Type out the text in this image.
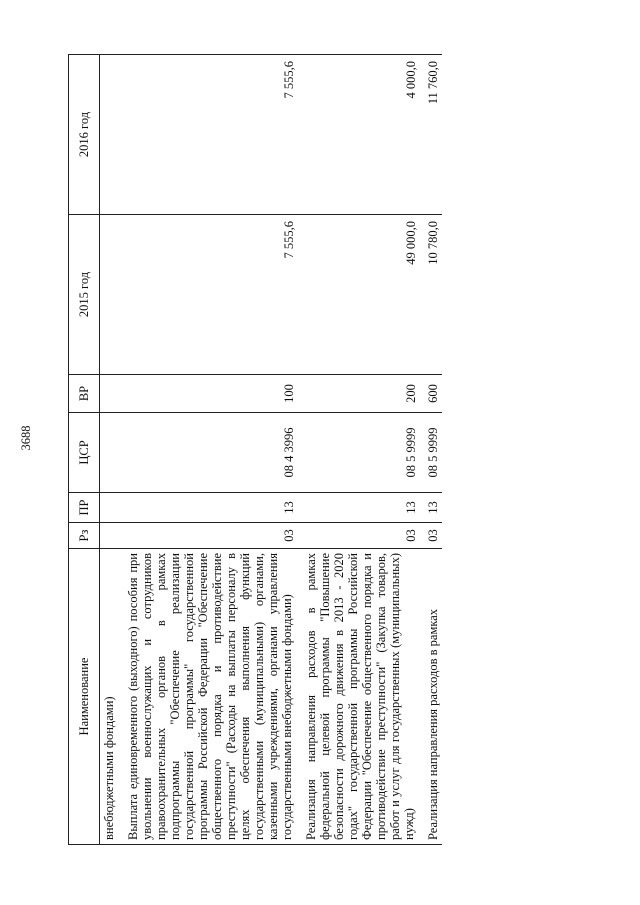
3688
Наименование	Рз	ПР	ЦСР	ВР	2015 год	2016 год
внебюджетными фондами)						
Выплата единовременного (выходного) пособия при увольнении военнослужащих и сотрудников правоохранительных органов в рамках подпрограммы "Обеспечение реализации государственной программы" государственной программы Российской Федерации "Обеспечение общественного порядка и противодействие преступности" (Расходы на выплаты персоналу в целях обеспечения выполнения функций государственными (муниципальными) органами, казенными учреждениями, органами управления государственными внебюджетными фондами)	03	13	08 4 3996	100	7 555,6	7 555,6
Реализация направления расходов в рамках федеральной целевой программы "Повышение безопасности дорожного движения в 2013 - 2020 годах" государственной программы Российской Федерации "Обеспечение общественного порядка и противодействие преступности" (Закупка товаров, работ и услуг для государственных (муниципальных) нужд)	03	13	08 5 9999	200	49 000,0	4 000,0
Реализация направления расходов в рамках	03	13	08 5 9999	600	10 780,0	11 760,0
